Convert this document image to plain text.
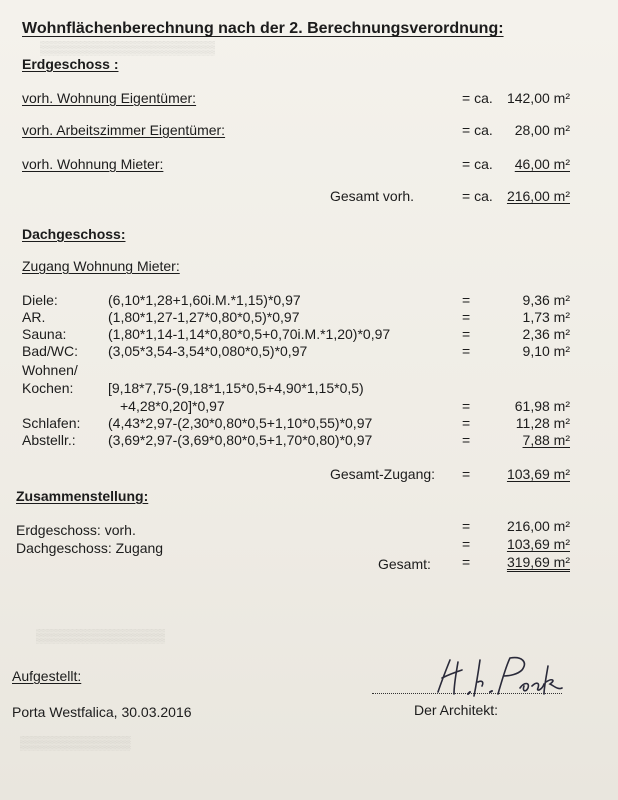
▒▒▒▒▒▒▒▒▒▒▒▒▒▒▒▒▒▒▒
▒▒▒▒▒▒▒▒▒▒▒▒▒▒
▒▒▒▒▒▒▒▒▒▒▒▒
Wohnflächenberechnung nach der 2. Berechnungsverordnung:
Erdgeschoss :
vorh. Wohnung Eigentümer:	= ca.	142,00 m²
vorh. Arbeitszimmer Eigentümer:	= ca.	28,00 m²
vorh. Wohnung Mieter:	= ca.	46,00 m²
Gesamt vorh.	= ca.	216,00 m²
Dachgeschoss:
Zugang Wohnung Mieter:
Diele:	(6,10*1,28+1,60i.M.*1,15)*0,97	=	9,36 m²
AR.	(1,80*1,27-1,27*0,80*0,5)*0,97	=	1,73 m²
Sauna:	(1,80*1,14-1,14*0,80*0,5+0,70i.M.*1,20)*0,97	=	2,36 m²
Bad/WC: (3,05*3,54-3,54*0,080*0,5)*0,97	=	9,10 m²
Wohnen/
Kochen: [9,18*7,75-(9,18*1,15*0,5+4,90*1,15*0,5)
+4,28*0,20]*0,97	=	61,98 m²
Schlafen: (4,43*2,97-(2,30*0,80*0,5+1,10*0,55)*0,97	=	11,28 m²
Abstellr.: (3,69*2,97-(3,69*0,80*0,5+1,70*0,80)*0,97	=	7,88 m²
Gesamt-Zugang: =	103,69 m²
Zusammenstellung:
Erdgeschoss: vorh.	=	216,00 m²
Dachgeschoss: Zugang	=	103,69 m²
Gesamt: =	319,69 m²
Aufgestellt:
Porta Westfalica, 30.03.2016	Der Architekt:
